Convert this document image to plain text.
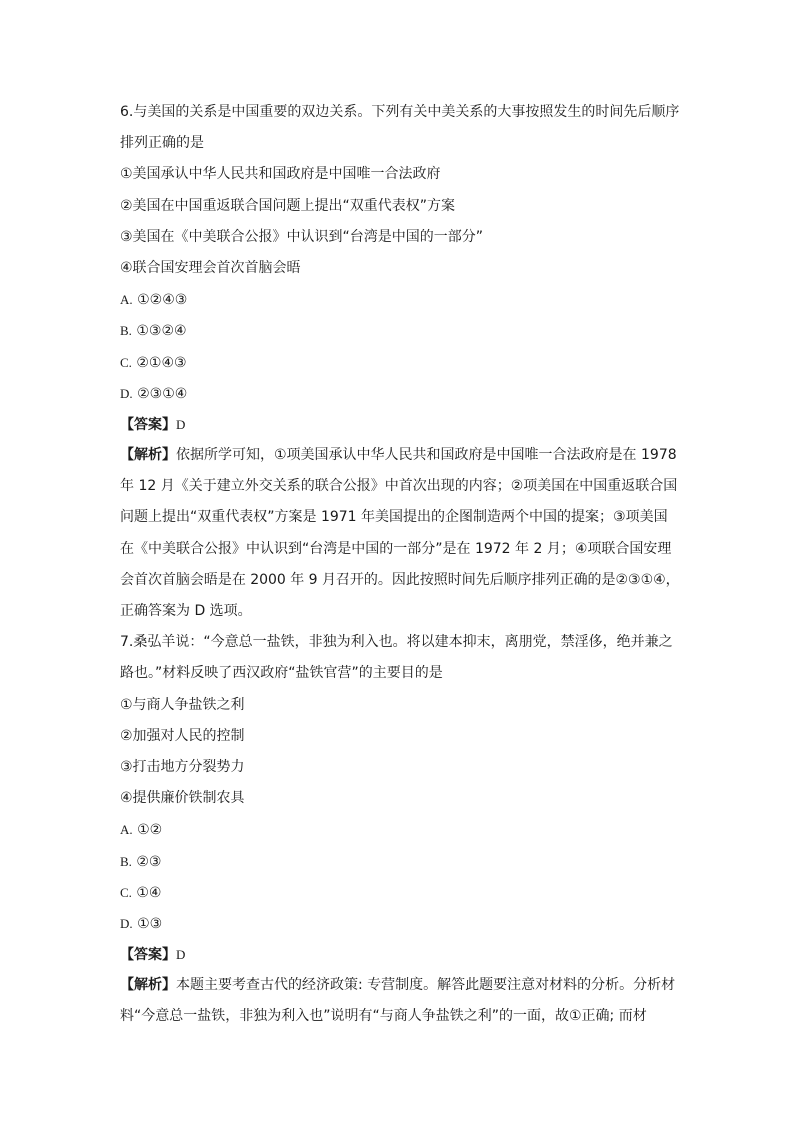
6.与美国的关系是中国重要的双边关系。下列有关中美关系的大事按照发生的时间先后顺序
排列正确的是
①美国承认中华人民共和国政府是中国唯一合法政府
②美国在中国重返联合国问题上提出“双重代表权”方案
③美国在《中美联合公报》中认识到“台湾是中国的一部分”
④联合国安理会首次首脑会晤
A. ①②④③
B. ①③②④
C. ②①④③
D. ②③①④
【答案】D
【解析】依据所学可知，①项美国承认中华人民共和国政府是中国唯一合法政府是在 1978
年 12 月《关于建立外交关系的联合公报》中首次出现的内容；②项美国在中国重返联合国
问题上提出“双重代表权”方案是 1971 年美国提出的企图制造两个中国的提案；③项美国
在《中美联合公报》中认识到“台湾是中国的一部分”是在 1972 年 2 月；④项联合国安理
会首次首脑会晤是在 2000 年 9 月召开的。因此按照时间先后顺序排列正确的是②③①④，
正确答案为 D 选项。
7.桑弘羊说：“今意总一盐铁，非独为利入也。将以建本抑末，离朋党，禁淫侈，绝并兼之
路也。”材料反映了西汉政府“盐铁官营”的主要目的是
①与商人争盐铁之利
②加强对人民的控制
③打击地方分裂势力
④提供廉价铁制农具
A. ①②
B. ②③
C. ①④
D. ①③
【答案】D
【解析】本题主要考查古代的经济政策: 专营制度。解答此题要注意对材料的分析。分析材
料“今意总一盐铁，非独为利入也”说明有“与商人争盐铁之利”的一面，故①正确; 而材
